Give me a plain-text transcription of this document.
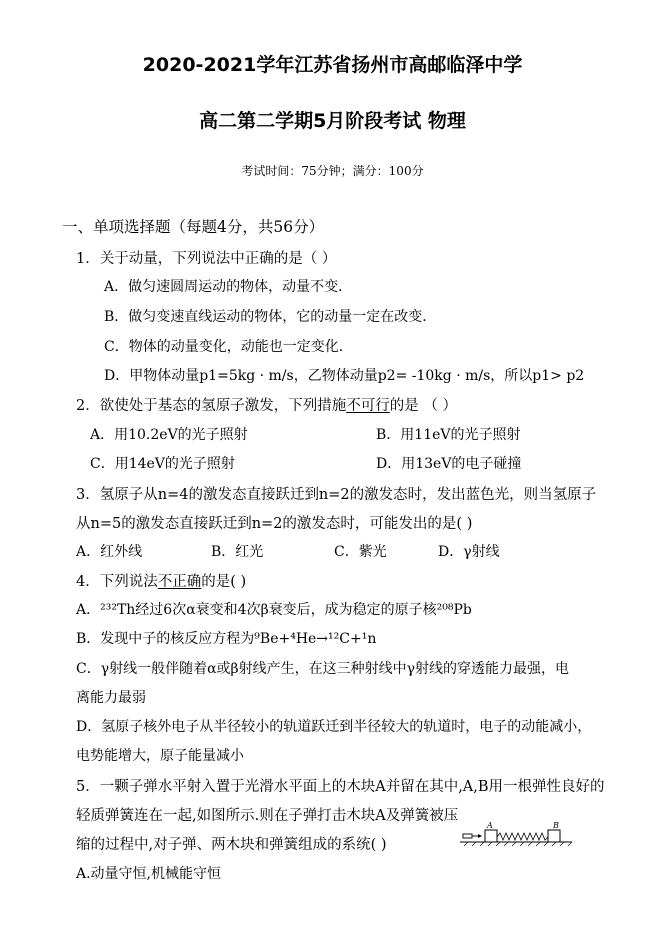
2020-2021学年江苏省扬州市高邮临泽中学
高二第二学期5月阶段考试 物理
考试时间：75分钟；满分：100分
一、单项选择题（每题4分，共56分）
1．关于动量，下列说法中正确的是（ ）
A．做匀速圆周运动的物体，动量不变．
B．做匀变速直线运动的物体，它的动量一定在改变．
C．物体的动量变化，动能也一定变化．
D．甲物体动量p1=5kg · m/s，乙物体动量p2= -10kg · m/s，所以p1> p2
2．欲使处于基态的氢原子激发，下列措施不可行的是 （ ）
A．用10.2eV的光子照射	B．用11eV的光子照射
C．用14eV的光子照射	D．用13eV的电子碰撞
3．氢原子从n=4的激发态直接跃迁到n=2的激发态时，发出蓝色光，则当氢原子
从n=5的激发态直接跃迁到n=2的激发态时，可能发出的是( )
A．红外线	B．红光	C．紫光	D．γ射线
4．下列说法不正确的是( )
A．²³²Th经过6次α衰变和4次β衰变后，成为稳定的原子核²⁰⁸Pb
B．发现中子的核反应方程为⁹Be+⁴He→¹²C+¹n
C．γ射线一般伴随着α或β射线产生，在这三种射线中γ射线的穿透能力最强，电
离能力最弱
D．氢原子核外电子从半径较小的轨道跃迁到半径较大的轨道时，电子的动能减小，
电势能增大，原子能量减小
5．一颗子弹水平射入置于光滑水平面上的木块A并留在其中,A,B用一根弹性良好的
轻质弹簧连在一起,如图所示.则在子弹打击木块A及弹簧被压
缩的过程中,对子弹、两木块和弹簧组成的系统( )
A.动量守恒,机械能守恒
A	B
